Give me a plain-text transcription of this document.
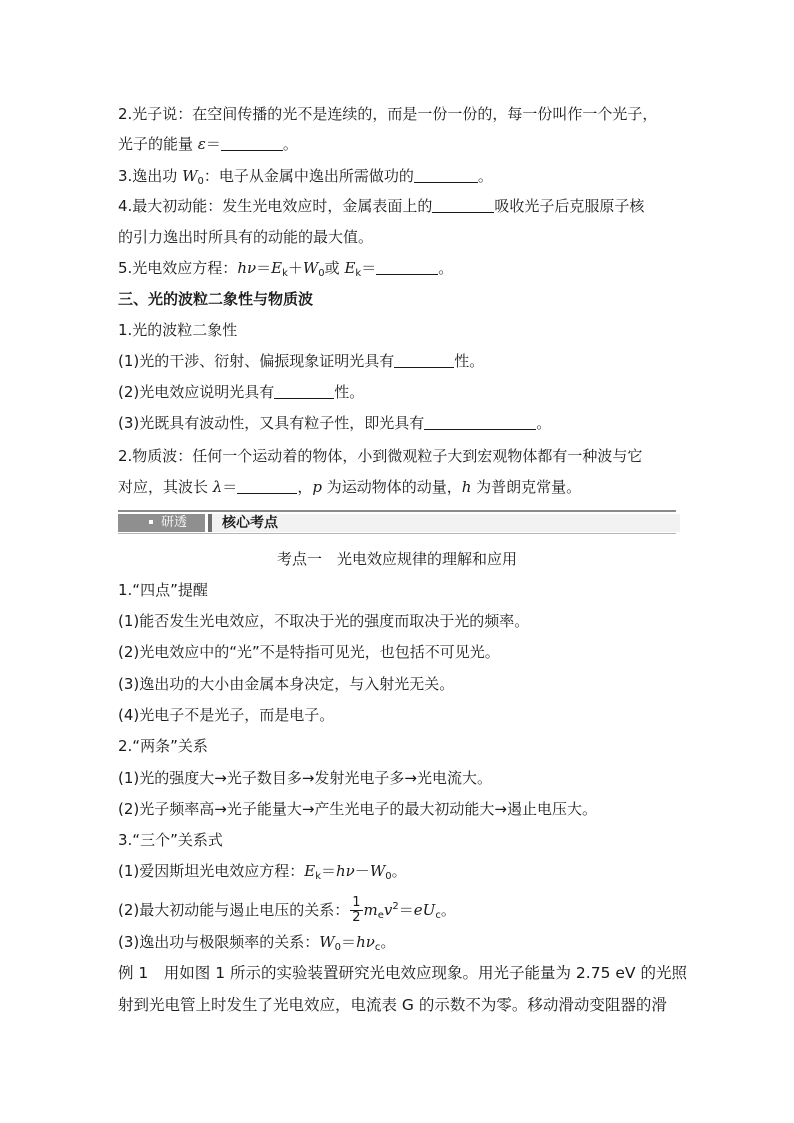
2.光子说：在空间传播的光不是连续的，而是一份一份的，每一份叫作一个光子，
光子的能量 ε＝	。
3.逸出功 $W_0$：电子从金属中逸出所需做功的	。
4.最大初动能：发生光电效应时，金属表面上的	吸收光子后克服原子核
的引力逸出时所具有的动能的最大值。
5.光电效应方程：$h\nu=E_k+W_0$或 $E_k=$	。
三、光的波粒二象性与物质波
1.光的波粒二象性
(1)光的干涉、衍射、偏振现象证明光具有	性。
(2)光电效应说明光具有	性。
(3)光既具有波动性，又具有粒子性，即光具有	。
2.物质波：任何一个运动着的物体，小到微观粒子大到宏观物体都有一种波与它
对应，其波长 λ＝	，p 为运动物体的动量，h 为普朗克常量。
研透	核心考点
考点一　光电效应规律的理解和应用
1.“四点”提醒
(1)能否发生光电效应，不取决于光的强度而取决于光的频率。
(2)光电效应中的“光”不是特指可见光，也包括不可见光。
(3)逸出功的大小由金属本身决定，与入射光无关。
(4)光电子不是光子，而是电子。
2.“两条”关系
(1)光的强度大→光子数目多→发射光电子多→光电流大。
(2)光子频率高→光子能量大→产生光电子的最大初动能大→遏止电压大。
3.“三个”关系式
(1)爱因斯坦光电效应方程：$E_k=h\nu-W_0$。
(2)最大初动能与遏止电压的关系： $\frac{1}{2} m_ev^2=eU_c$。
(3)逸出功与极限频率的关系：$W_0=h\nu_c$。
例 1　用如图 1 所示的实验装置研究光电效应现象。用光子能量为 2.75 eV 的光照
射到光电管上时发生了光电效应，电流表 G 的示数不为零。移动滑动变阻器的滑
